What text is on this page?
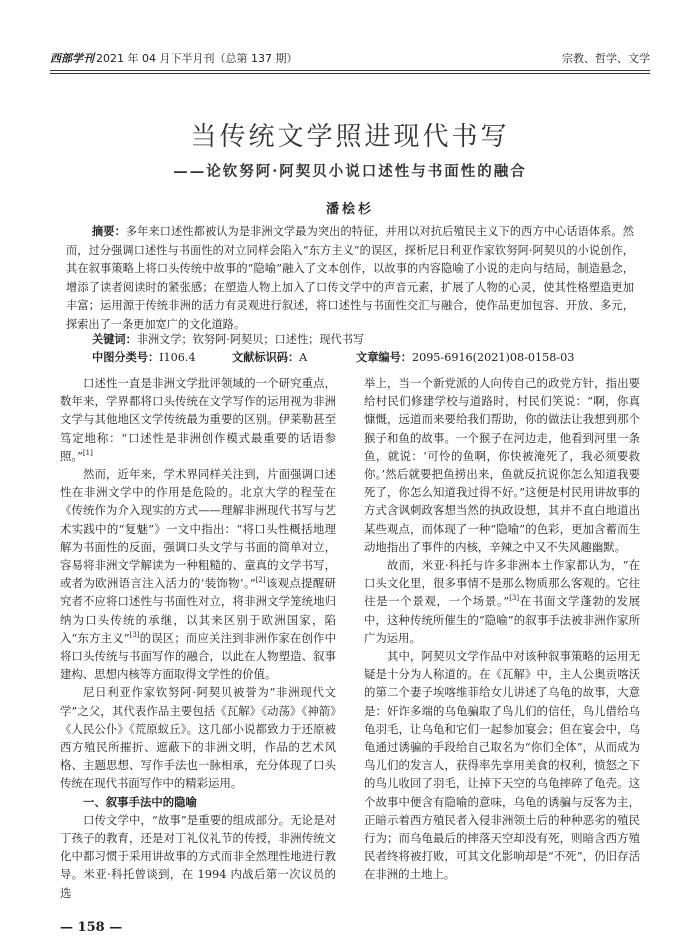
西部学刊 2021 年 04 月下半月刊（总第 137 期）	宗教、哲学、文学
当传统文学照进现代书写
——论钦努阿·阿契贝小说口述性与书面性的融合
潘桧杉
摘要：多年来口述性都被认为是非洲文学最为突出的特征，并用以对抗后殖民主义下的西方中心话语体系。然而，过分强调口述性与书面性的对立同样会陷入“东方主义”的误区，探析尼日利亚作家钦努阿·阿契贝的小说创作，其在叙事策略上将口头传统中故事的“隐喻”融入了文本创作，以故事的内容隐喻了小说的走向与结局，制造悬念，增添了读者阅读时的紧张感；在塑造人物上加入了口传文学中的声音元素，扩展了人物的心灵，使其性格塑造更加丰富；运用源于传统非洲的活力有灵观进行叙述，将口述性与书面性交汇与融合，使作品更加包容、开放、多元，探索出了一条更加宽广的文化道路。
关键词：非洲文学；钦努阿·阿契贝；口述性；现代书写
中图分类号：I106.4	文献标识码：A	文章编号：2095-6916(2021)08-0158-03

口述性一直是非洲文学批评领域的一个研究重点，数年来，学界都将口头传统在文学写作的运用视为非洲文学与其他地区文学传统最为重要的区别。伊莱勒甚至笃定地称：“口述性是非洲创作模式最重要的话语参照。”[1]

然而，近年来，学术界同样关注到，片面强调口述性在非洲文学中的作用是危险的。北京大学的程莹在《传统作为介入现实的方式——理解非洲现代书写与艺术实践中的“复魅”》一文中指出：“将口头性概括地理解为书面性的反面，强调口头文学与书面的简单对立，容易将非洲文学解读为一种粗糙的、童真的文学书写，或者为欧洲语言注入活力的‘装饰物’。”[2]该观点提醒研究者不应将口述性与书面性对立，将非洲文学笼统地归纳为口头传统的承继，以其来区别于欧洲国家，陷入“东方主义”[3]的误区；而应关注到非洲作家在创作中将口头传统与书面写作的融合，以此在人物塑造、叙事建构、思想内核等方面取得文学性的价值。

尼日利亚作家钦努阿·阿契贝被誉为“非洲现代文学”之父，其代表作品主要包括《瓦解》《动荡》《神箭》《人民公仆》《荒原蚁丘》。这几部小说都致力于还原被西方殖民所摧折、遮蔽下的非洲文明，作品的艺术风格、主题思想、写作手法也一脉相承，充分体现了口头传统在现代书面写作中的精彩运用。

一、叙事手法中的隐喻

口传文学中，“故事”是重要的组成部分。无论是对丁孩子的教育，还是对丁礼仪礼节的传授，非洲传统文化中都习惯于采用讲故事的方式而非全然理性地进行教导。米亚·科托曾谈到，在 1994 内战后第一次议员的选

举上，当一个新党派的人向传自己的政党方针，指出要给村民们修建学校与道路时，村民们笑说：“啊，你真慷慨，远道而来要给我们帮助，你的做法让我想到那个猴子和鱼的故事。一个猴子在河边走，他看到河里一条鱼，就说：‘可怜的鱼啊，你快被淹死了，我必须要救你。’然后就要把鱼捞出来，鱼就反抗说你怎么知道我要死了，你怎么知道我过得不好。”这便是村民用讲故事的方式含讽刺政客想当然的执政设想，其并不直白地道出某些观点，而体现了一种“隐喻”的色彩，更加含蓄而生动地指出了事件的内核，辛辣之中又不失风趣幽默。

故而，米亚·科托与许多非洲本土作家都认为，“在口头文化里，很多事情不是那么物质那么客观的。它往往是一个景观，一个场景。”[3]在书面文学蓬勃的发展中，这种传统所催生的“隐喻”的叙事手法被非洲作家所广为运用。

其中，阿契贝文学作品中对该种叙事策略的运用无疑是十分为人称道的。在《瓦解》中，主人公奥贡喀沃的第二个妻子埃喀维菲给女儿讲述了乌龟的故事，大意是：奸诈多端的乌龟骗取了鸟儿们的信任，鸟儿借给乌龟羽毛，让乌龟和它们一起参加宴会；但在宴会中，乌龟通过诱骗的手段给自己取名为“你们全体”，从而成为鸟儿们的发言人，获得率先享用美食的权利，愤怒之下的鸟儿收回了羽毛，让掉下天空的乌龟摔碎了龟壳。这个故事中便含有隐喻的意味，乌龟的诱骗与反客为主，正暗示着西方殖民者入侵非洲领土后的种种恶劣的殖民行为；而乌龟最后的摔落天空却没有死，则暗含西方殖民者终将被打败，可其文化影响却是“不死”，仍旧存活在非洲的土地上。

— 158 —
